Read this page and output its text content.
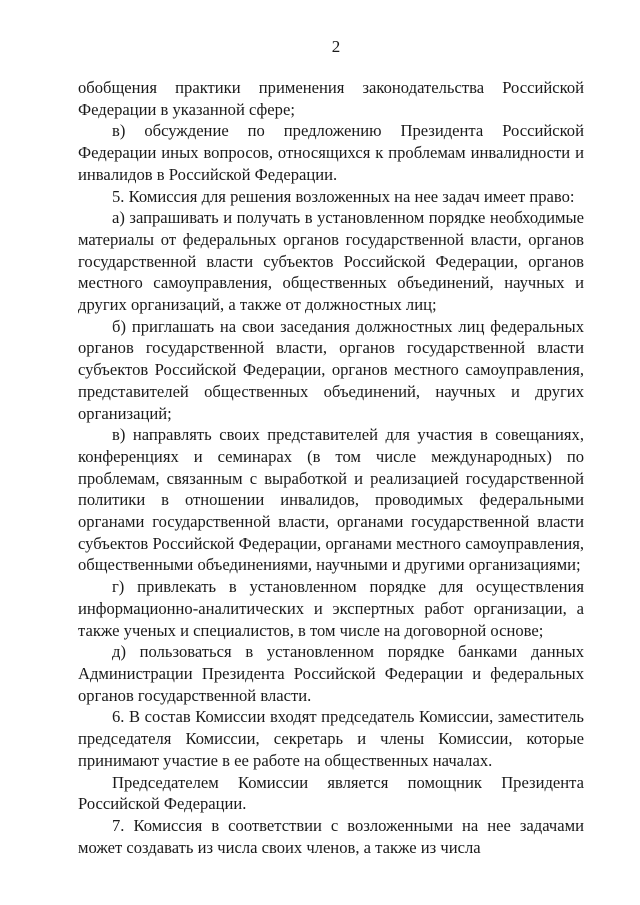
2

обобщения практики применения законодательства Российской Федерации в указанной сфере;

в) обсуждение по предложению Президента Российской Федерации иных вопросов, относящихся к проблемам инвалидности и инвалидов в Российской Федерации.

5. Комиссия для решения возложенных на нее задач имеет право:

а) запрашивать и получать в установленном порядке необходимые материалы от федеральных органов государственной власти, органов государственной власти субъектов Российской Федерации, органов местного самоуправления, общественных объединений, научных и других организаций, а также от должностных лиц;

б) приглашать на свои заседания должностных лиц федеральных органов государственной власти, органов государственной власти субъектов Российской Федерации, органов местного самоуправления, представителей общественных объединений, научных и других организаций;

в) направлять своих представителей для участия в совещаниях, конференциях и семинарах (в том числе международных) по проблемам, связанным с выработкой и реализацией государственной политики в отношении инвалидов, проводимых федеральными органами государственной власти, органами государственной власти субъектов Российской Федерации, органами местного самоуправления, общественными объединениями, научными и другими организациями;

г) привлекать в установленном порядке для осуществления информационно-аналитических и экспертных работ организации, а также ученых и специалистов, в том числе на договорной основе;

д) пользоваться в установленном порядке банками данных Администрации Президента Российской Федерации и федеральных органов государственной власти.

6. В состав Комиссии входят председатель Комиссии, заместитель председателя Комиссии, секретарь и члены Комиссии, которые принимают участие в ее работе на общественных началах.

Председателем Комиссии является помощник Президента Российской Федерации.

7. Комиссия в соответствии с возложенными на нее задачами может создавать из числа своих членов, а также из числа
